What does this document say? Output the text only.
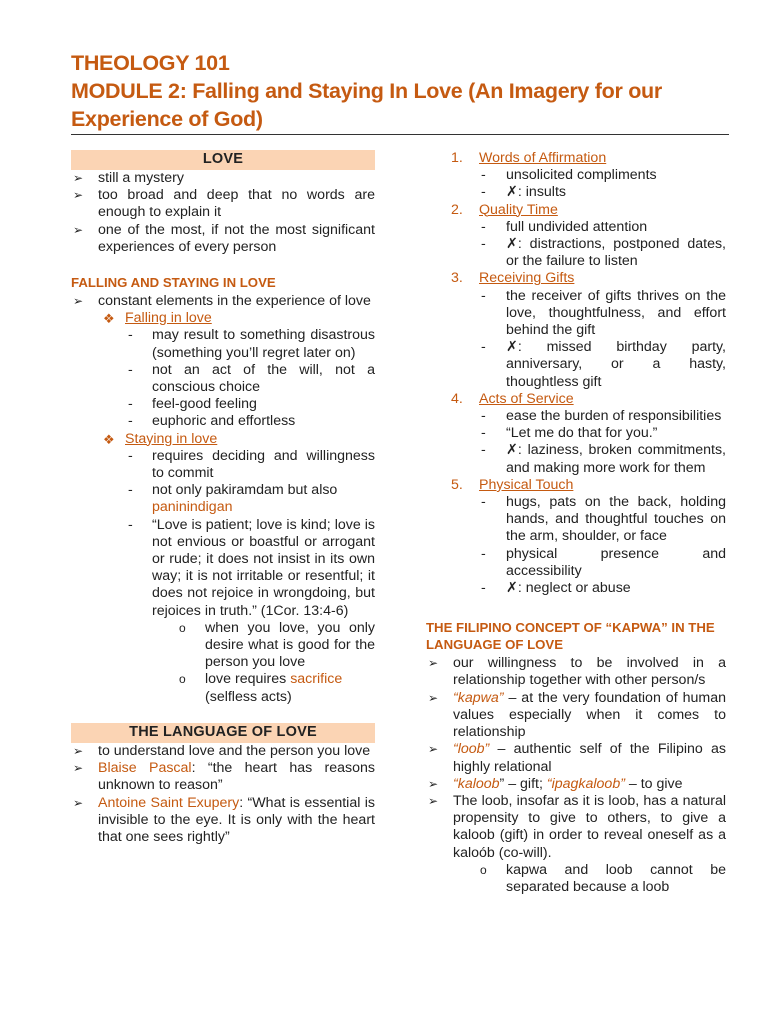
THEOLOGY 101
MODULE 2: Falling and Staying In Love (An Imagery for our
Experience of God)
LOVE
➢ still a mystery
➢ too broad and deep that no words are enough to explain it
➢ one of the most, if not the most significant experiences of every person
FALLING AND STAYING IN LOVE
➢ constant elements in the experience of love
❖ Falling in love
- may result to something disastrous (something you’ll regret later on)
- not an act of the will, not a conscious choice
- feel-good feeling
- euphoric and effortless
❖ Staying in love
- requires deciding and willingness to commit
- not only pakiramdam but also paninindigan
- “Love is patient; love is kind; love is not envious or boastful or arrogant or rude; it does not insist in its own way; it is not irritable or resentful; it does not rejoice in wrongdoing, but rejoices in truth.” (1Cor. 13:4-6)
o when you love, you only desire what is good for the person you love
o love requires sacrifice (selfless acts)
THE LANGUAGE OF LOVE
➢ to understand love and the person you love
➢ Blaise Pascal: “the heart has reasons unknown to reason”
➢ Antoine Saint Exupery: “What is essential is invisible to the eye. It is only with the heart that one sees rightly”
1. Words of Affirmation
- unsolicited compliments
- ✗: insults
2. Quality Time
- full undivided attention
- ✗: distractions, postponed dates, or the failure to listen
3. Receiving Gifts
- the receiver of gifts thrives on the love, thoughtfulness, and effort behind the gift
- ✗: missed birthday party, anniversary, or a hasty, thoughtless gift
4. Acts of Service
- ease the burden of responsibilities
- “Let me do that for you.”
- ✗: laziness, broken commitments, and making more work for them
5. Physical Touch
- hugs, pats on the back, holding hands, and thoughtful touches on the arm, shoulder, or face
- physical presence and accessibility
- ✗: neglect or abuse
THE FILIPINO CONCEPT OF “KAPWA” IN THE LANGUAGE OF LOVE
➢ our willingness to be involved in a relationship together with other person/s
➢ “kapwa” – at the very foundation of human values especially when it comes to relationship
➢ “loob” – authentic self of the Filipino as highly relational
➢ “kaloob” – gift; “ipagkaloob” – to give
➢ The loob, insofar as it is loob, has a natural propensity to give to others, to give a kaloob (gift) in order to reveal oneself as a kaloób (co-will).
o kapwa and loob cannot be separated because a loob
